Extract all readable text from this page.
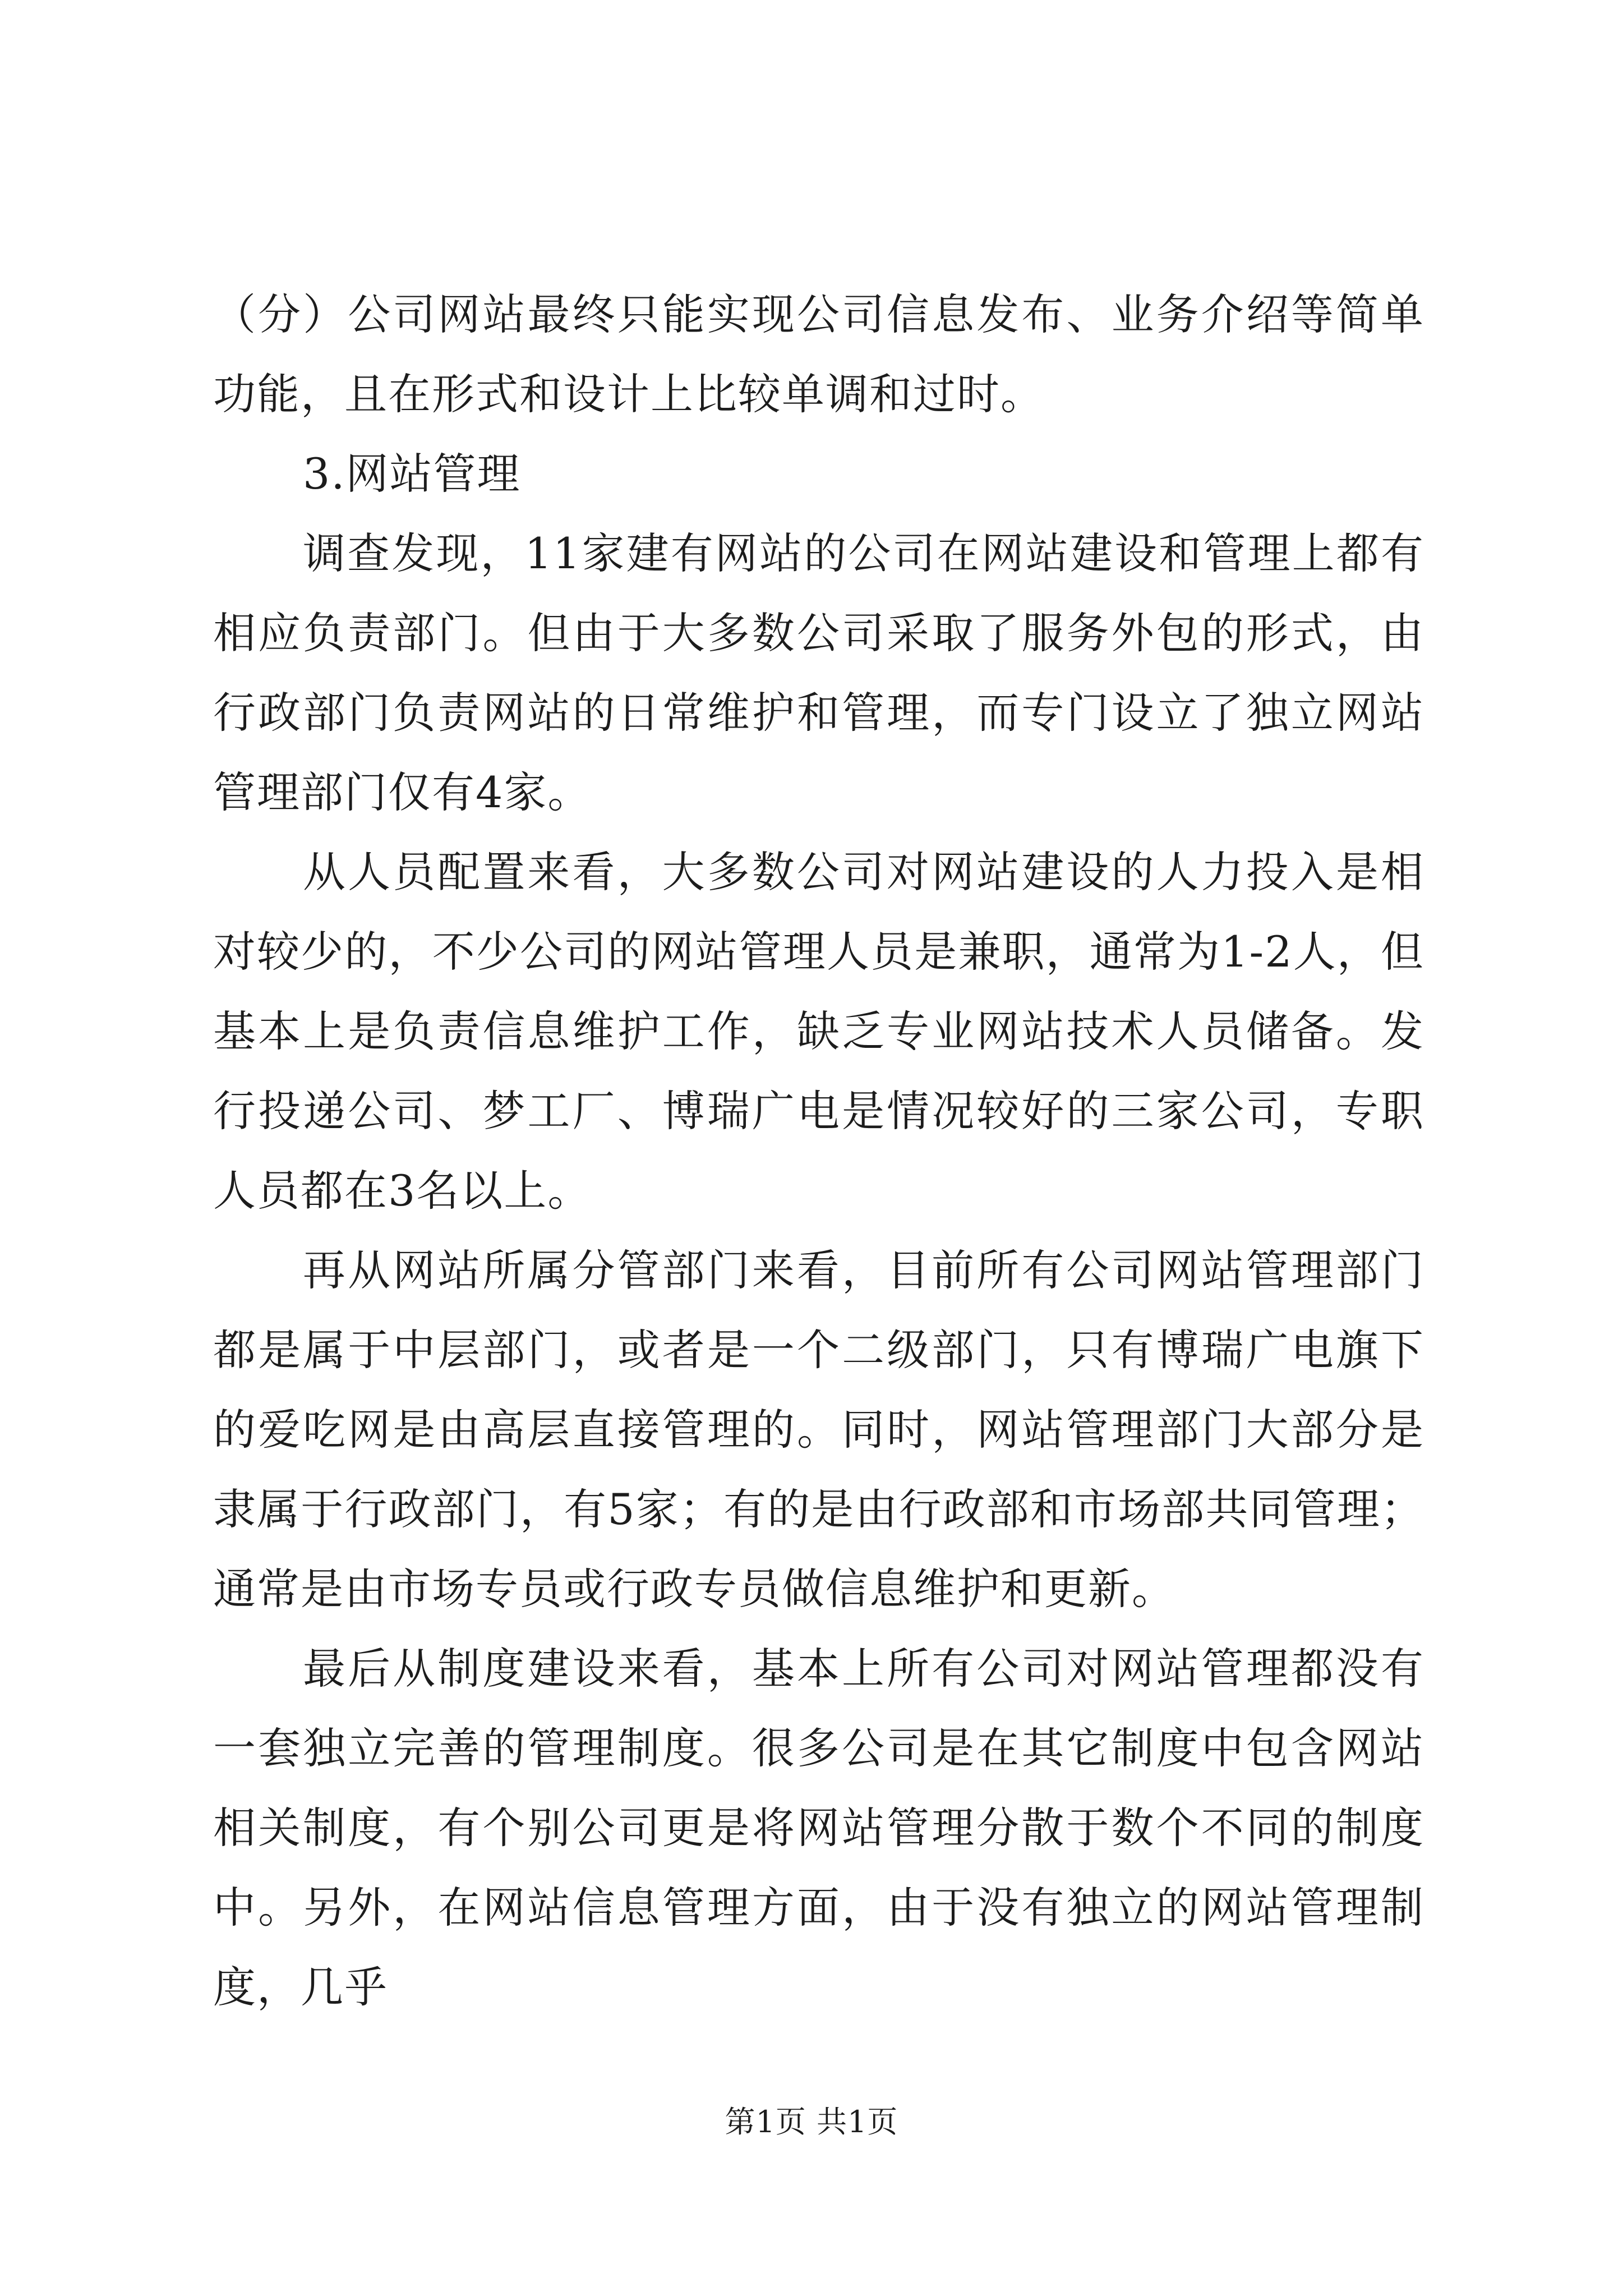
（分）公司网站最终只能实现公司信息发布、业务介绍等简单功能，且在形式和设计上比较单调和过时。

3.网站管理

调查发现，11家建有网站的公司在网站建设和管理上都有相应负责部门。但由于大多数公司采取了服务外包的形式，由行政部门负责网站的日常维护和管理，而专门设立了独立网站管理部门仅有4家。

从人员配置来看，大多数公司对网站建设的人力投入是相对较少的，不少公司的网站管理人员是兼职，通常为1-2人，但基本上是负责信息维护工作，缺乏专业网站技术人员储备。发行投递公司、梦工厂、博瑞广电是情况较好的三家公司，专职人员都在3名以上。

再从网站所属分管部门来看，目前所有公司网站管理部门都是属于中层部门，或者是一个二级部门，只有博瑞广电旗下的爱吃网是由高层直接管理的。同时，网站管理部门大部分是隶属于行政部门，有5家；有的是由行政部和市场部共同管理；通常是由市场专员或行政专员做信息维护和更新。

最后从制度建设来看，基本上所有公司对网站管理都没有一套独立完善的管理制度。很多公司是在其它制度中包含网站相关制度，有个别公司更是将网站管理分散于数个不同的制度中。另外，在网站信息管理方面，由于没有独立的网站管理制度，几乎

第1页 共1页
